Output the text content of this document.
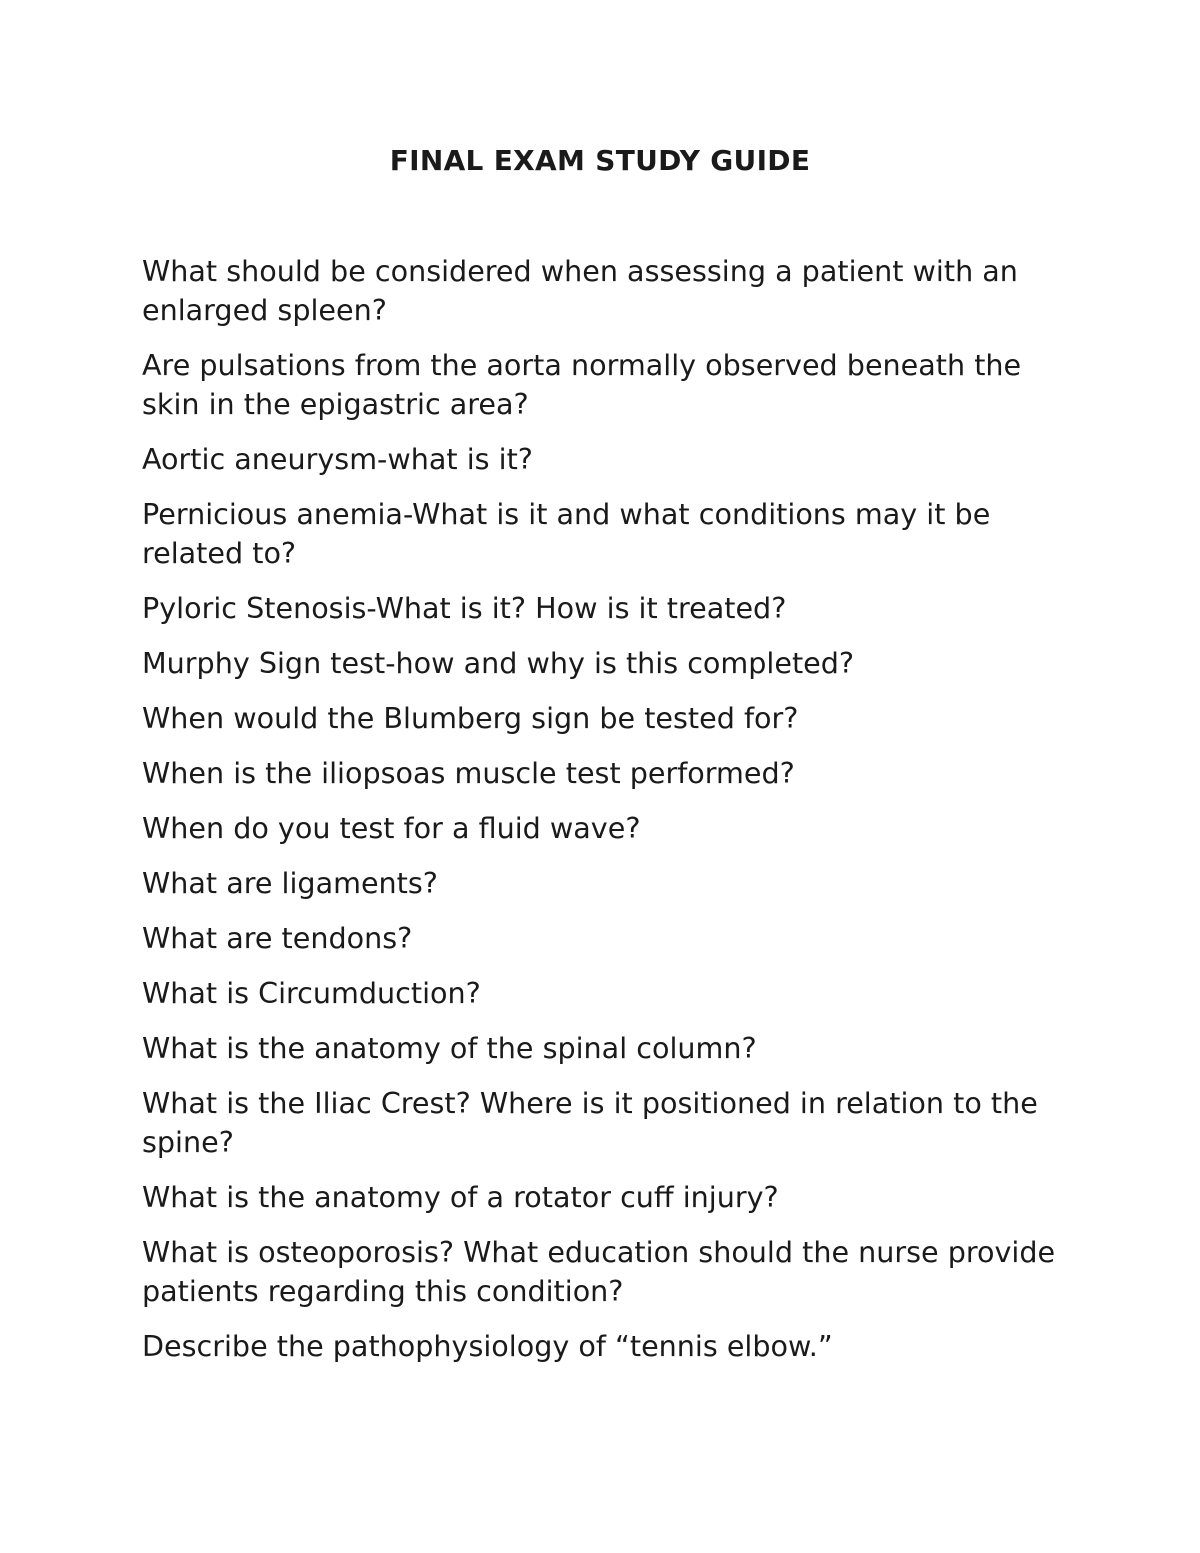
FINAL EXAM STUDY GUIDE
What should be considered when assessing a patient with an enlarged spleen?
Are pulsations from the aorta normally observed beneath the skin in the epigastric area?
Aortic aneurysm-what is it?
Pernicious anemia-What is it and what conditions may it be related to?
Pyloric Stenosis-What is it? How is it treated?
Murphy Sign test-how and why is this completed?
When would the Blumberg sign be tested for?
When is the iliopsoas muscle test performed?
When do you test for a fluid wave?
What are ligaments?
What are tendons?
What is Circumduction?
What is the anatomy of the spinal column?
What is the Iliac Crest? Where is it positioned in relation to the spine?
What is the anatomy of a rotator cuff injury?
What is osteoporosis? What education should the nurse provide patients regarding this condition?
Describe the pathophysiology of “tennis elbow.”
